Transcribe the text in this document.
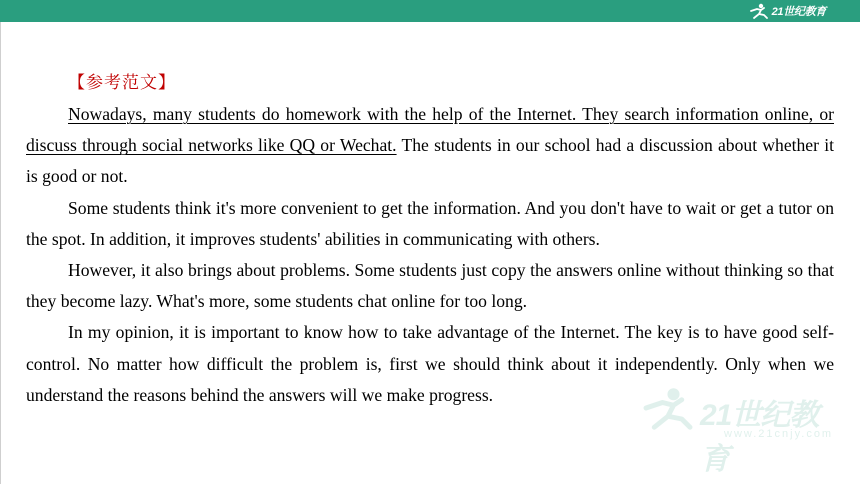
21世纪教育
【参考范文】

Nowadays, many students do homework with the help of the Internet. They search information online, or discuss through social networks like QQ or Wechat. The students in our school had a discussion about whether it is good or not.

Some students think it's more convenient to get the information. And you don't have to wait or get a tutor on the spot. In addition, it improves students' abilities in communicating with others.

However, it also brings about problems. Some students just copy the answers online without thinking so that they become lazy. What's more, some students chat online for too long.

In my opinion, it is important to know how to take advantage of the Internet. The key is to have good self-control. No matter how difficult the problem is, first we should think about it independently. Only when we understand the reasons behind the answers will we make progress.

21世纪教育
www.21cnjy.com
